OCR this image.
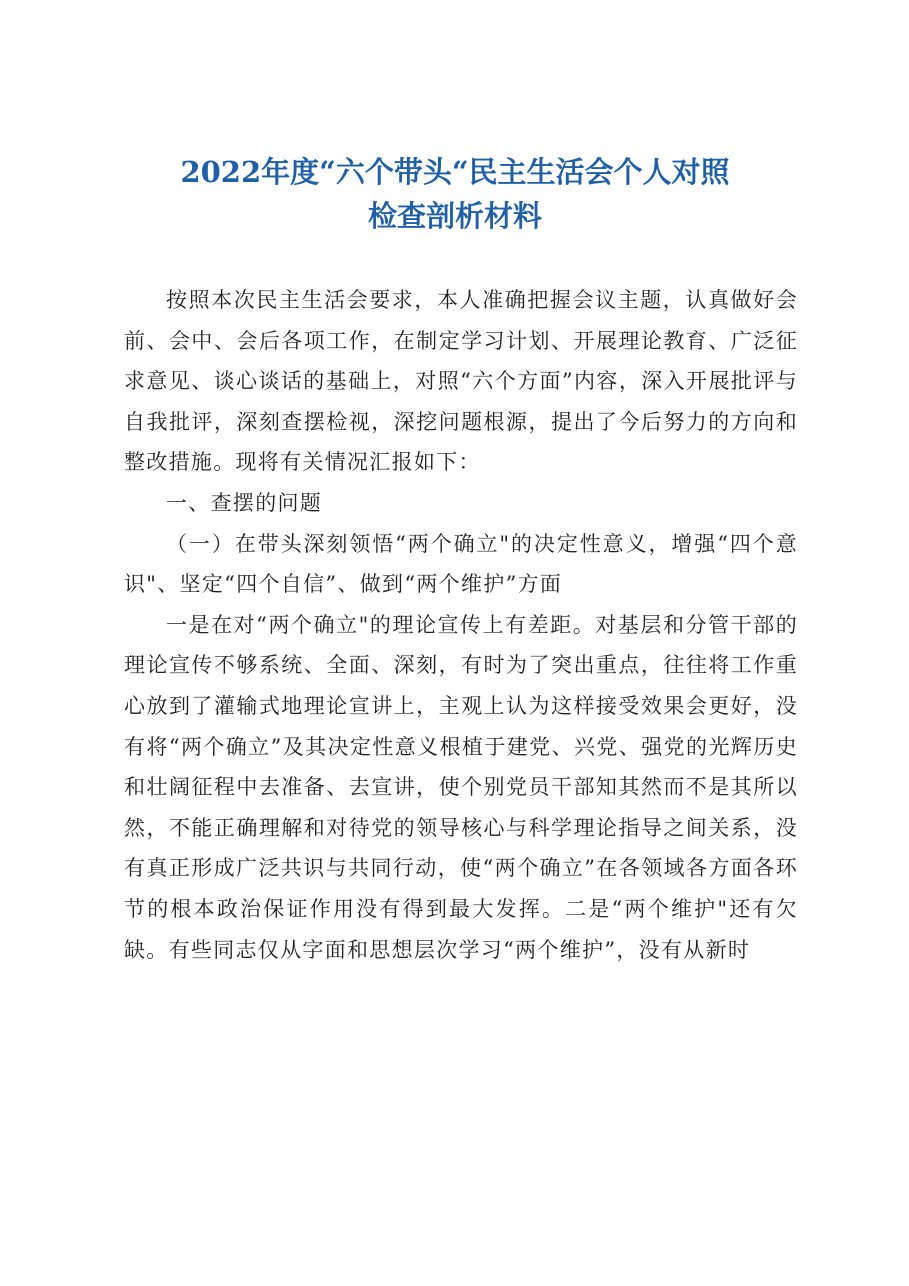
2022年度“六个带头“民主生活会个人对照
检查剖析材料

按照本次民主生活会要求，本人准确把握会议主题，认真做好会前、会中、会后各项工作，在制定学习计划、开展理论教育、广泛征求意见、谈心谈话的基础上，对照“六个方面”内容，深入开展批评与自我批评，深刻查摆检视，深挖问题根源，提出了今后努力的方向和整改措施。现将有关情况汇报如下：

一、查摆的问题

（一）在带头深刻领悟“两个确立"的决定性意义，增强“四个意识"、坚定“四个自信”、做到“两个维护”方面

一是在对“两个确立"的理论宣传上有差距。对基层和分管干部的理论宣传不够系统、全面、深刻，有时为了突出重点，往往将工作重心放到了灌输式地理论宣讲上，主观上认为这样接受效果会更好，没有将“两个确立”及其决定性意义根植于建党、兴党、强党的光辉历史和壮阔征程中去准备、去宣讲，使个别党员干部知其然而不是其所以然，不能正确理解和对待党的领导核心与科学理论指导之间关系，没有真正形成广泛共识与共同行动，使“两个确立”在各领域各方面各环节的根本政治保证作用没有得到最大发挥。二是“两个维护"还有欠缺。有些同志仅从字面和思想层次学习“两个维护”，没有从新时
